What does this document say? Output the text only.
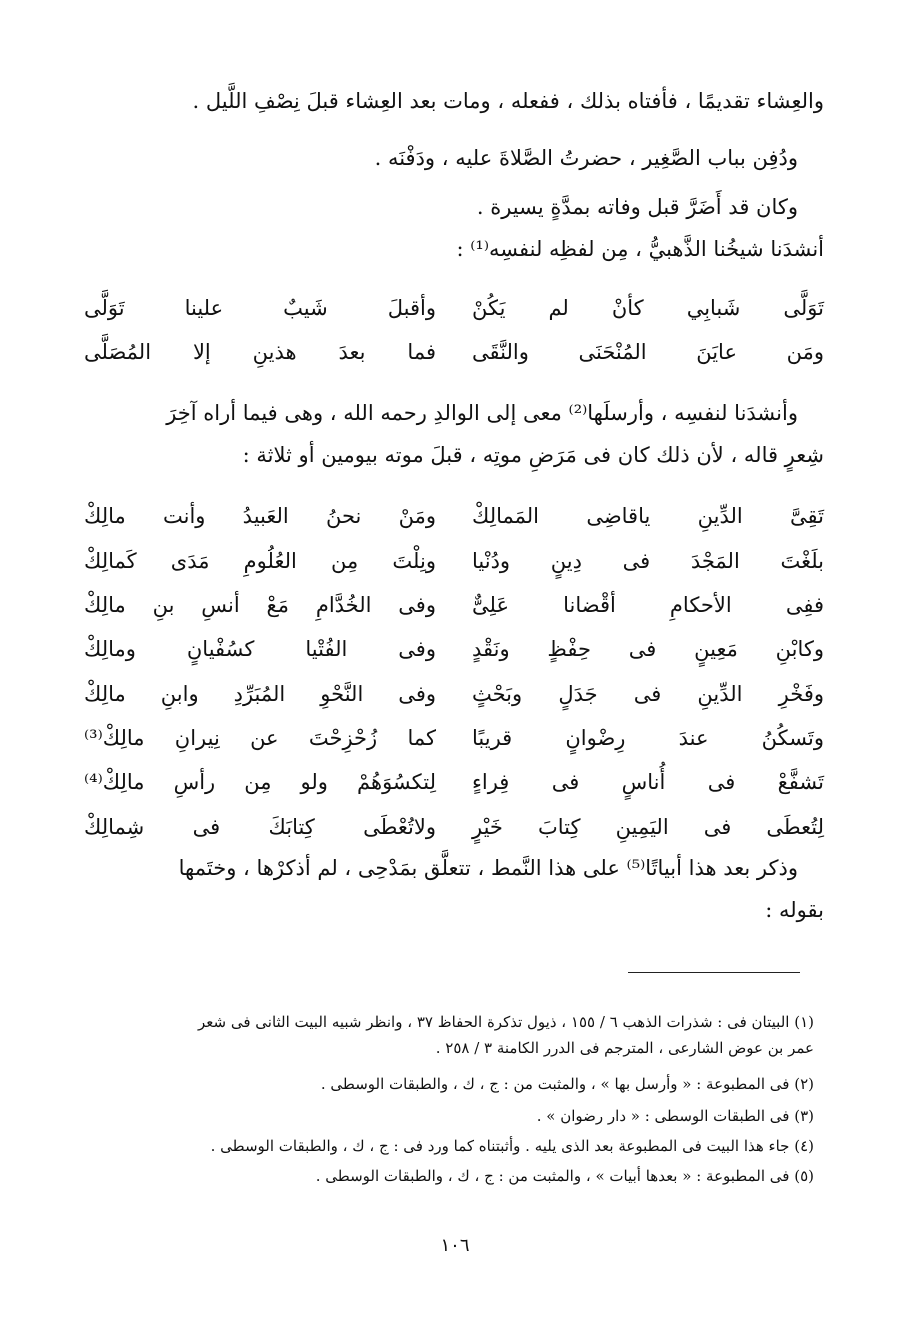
والعِشاء تقديمًا ، فأفتاه بذلك ، ففعله ، ومات بعد العِشاء قبلَ نِصْفِ اللَّيل .
ودُفِن بباب الصَّغِير ، حضرتُ الصَّلاةَ عليه ، ودَفْنَه .
وكان قد أَضَرَّ قبل وفاته بمدَّةٍ يسيرة .
أنشدَنا شيخُنا الذَّهبيُّ ، مِن لفظِه لنفسِه⁽¹⁾ :
تَوَلَّى شَبابِي كأنْ لم يَكُنْ
وأقبلَ شَيبٌ علينا تَوَلَّى
ومَن عايَنَ المُنْحَنَى والنَّقَى
فما بعدَ هذينِ إلا المُصَلَّى
وأنشدَنا لنفسِه ، وأرسلَها⁽²⁾ معى إلى الوالدِ رحمه الله ، وهى فيما أراه آخِرَ
شِعرٍ قاله ، لأن ذلك كان فى مَرَضِ موتِه ، قبلَ موته بيومين أو ثلاثة :
تَقِىَّ الدِّينِ ياقاضِى المَمالِكْ
ومَنْ نحنُ العَبيدُ وأنت مالِكْ
بلَغْتَ المَجْدَ فى دِينٍ ودُنْيا
ونِلْتَ مِن العُلُومِ مَدَى كَمالِكْ
ففِى الأحكامِ أقْضانا عَلِىٌّ
وفى الخُدَّامِ مَعْ أنسِ بنِ مالِكْ
وكابْنِ مَعِينٍ فى حِفْظٍ ونَقْدٍ
وفى الفُتْيا كسُفْيانٍ ومالِكْ
وفَخْرِ الدِّينِ فى جَدَلٍ وبَحْثٍ
وفى النَّحْوِ المُبَرِّدِ وابنِ مالِكْ
وتَسكُنُ عندَ رِضْوانٍ قريبًا
كما زُحْزِحْتَ عن نِيرانِ مالِكْ⁽³⁾
تَشفَّعْ فى أُناسٍ فى فِراءٍ
لِتكسُوَهُمْ ولو مِن رأسِ مالِكْ⁽⁴⁾
لِتُعطَى فى اليَمِينِ كِتابَ خَيْرٍ
ولاتُعْطَى كِتابَكَ فى شِمالِكْ
وذكر بعد هذا أبياتًا⁽⁵⁾ على هذا النَّمط ، تتعلَّق بمَدْحِى ، لم أذكرْها ، وختَمها
بقوله :
(١) البيتان فى : شذرات الذهب ٦ / ١٥٥ ، ذيول تذكرة الحفاظ ٣٧ ، وانظر شبيه البيت الثانى فى شعر
عمر بن عوض الشارعى ، المترجم فى الدرر الكامنة ٣ / ٢٥٨ .
(٢) فى المطبوعة : « وأرسل بها » ، والمثبت من : ج ، ك ، والطبقات الوسطى .
(٣) فى الطبقات الوسطى : « دار رضوان » .
(٤) جاء هذا البيت فى المطبوعة بعد الذى يليه . وأثبتناه كما ورد فى : ج ، ك ، والطبقات الوسطى .
(٥) فى المطبوعة : « بعدها أبيات » ، والمثبت من : ج ، ك ، والطبقات الوسطى .
١٠٦
